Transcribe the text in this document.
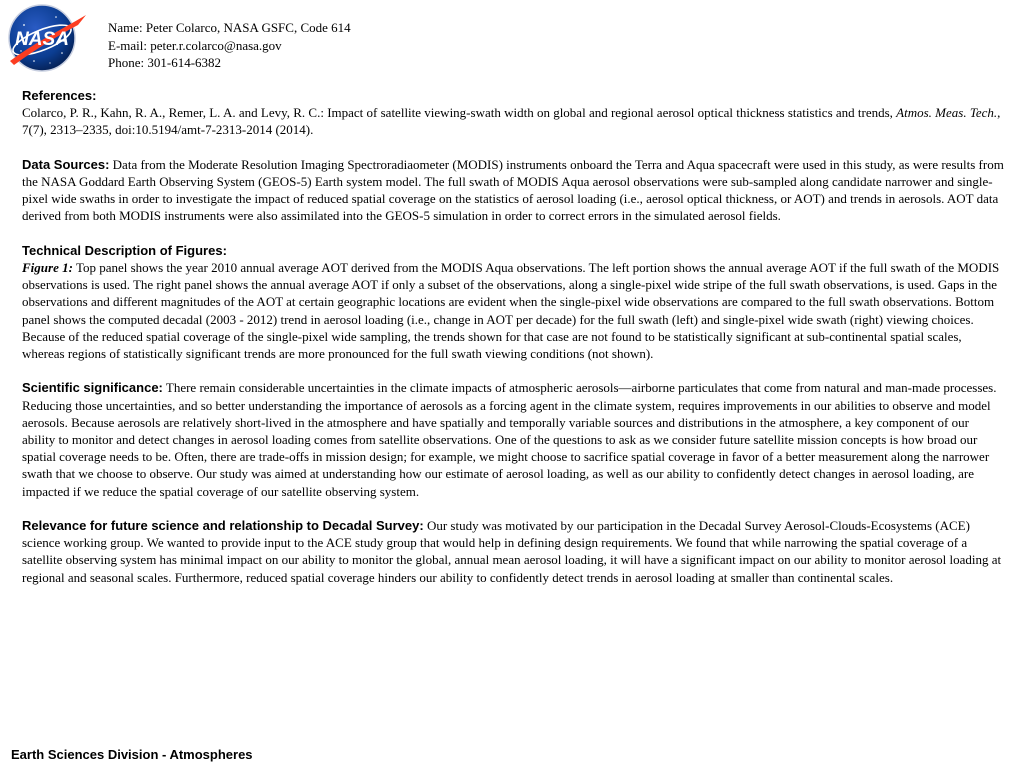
NASA
Name: Peter Colarco, NASA GSFC, Code 614
E-mail: peter.r.colarco@nasa.gov
Phone: 301-614-6382
References:
Colarco, P. R., Kahn, R. A., Remer, L. A. and Levy, R. C.: Impact of satellite viewing-swath width on global and regional aerosol optical thickness statistics and trends, Atmos. Meas. Tech., 7(7), 2313–2335, doi:10.5194/amt-7-2313-2014 (2014).
Data Sources: Data from the Moderate Resolution Imaging Spectroradiaometer (MODIS) instruments onboard the Terra and Aqua spacecraft were used in this study, as were results from the NASA Goddard Earth Observing System (GEOS-5) Earth system model. The full swath of MODIS Aqua aerosol observations were sub-sampled along candidate narrower and single-pixel wide swaths in order to investigate the impact of reduced spatial coverage on the statistics of aerosol loading (i.e., aerosol optical thickness, or AOT) and trends in aerosols. AOT data derived from both MODIS instruments were also assimilated into the GEOS-5 simulation in order to correct errors in the simulated aerosol fields.
Technical Description of Figures:
Figure 1: Top panel shows the year 2010 annual average AOT derived from the MODIS Aqua observations. The left portion shows the annual average AOT if the full swath of the MODIS observations is used. The right panel shows the annual average AOT if only a subset of the observations, along a single-pixel wide stripe of the full swath observations, is used. Gaps in the observations and different magnitudes of the AOT at certain geographic locations are evident when the single-pixel wide observations are compared to the full swath observations. Bottom panel shows the computed decadal (2003 - 2012) trend in aerosol loading (i.e., change in AOT per decade) for the full swath (left) and single-pixel wide swath (right) viewing choices. Because of the reduced spatial coverage of the single-pixel wide sampling, the trends shown for that case are not found to be statistically significant at sub-continental spatial scales, whereas regions of statistically significant trends are more pronounced for the full swath viewing conditions (not shown).
Scientific significance: There remain considerable uncertainties in the climate impacts of atmospheric aerosols—airborne particulates that come from natural and man-made processes. Reducing those uncertainties, and so better understanding the importance of aerosols as a forcing agent in the climate system, requires improvements in our abilities to observe and model aerosols. Because aerosols are relatively short-lived in the atmosphere and have spatially and temporally variable sources and distributions in the atmosphere, a key component of our ability to monitor and detect changes in aerosol loading comes from satellite observations. One of the questions to ask as we consider future satellite mission concepts is how broad our spatial coverage needs to be. Often, there are trade-offs in mission design; for example, we might choose to sacrifice spatial coverage in favor of a better measurement along the narrower swath that we choose to observe. Our study was aimed at understanding how our estimate of aerosol loading, as well as our ability to confidently detect changes in aerosol loading, are impacted if we reduce the spatial coverage of our satellite observing system.
Relevance for future science and relationship to Decadal Survey: Our study was motivated by our participation in the Decadal Survey Aerosol-Clouds-Ecosystems (ACE) science working group. We wanted to provide input to the ACE study group that would help in defining design requirements. We found that while narrowing the spatial coverage of a satellite observing system has minimal impact on our ability to monitor the global, annual mean aerosol loading, it will have a significant impact on our ability to monitor aerosol loading at regional and seasonal scales. Furthermore, reduced spatial coverage hinders our ability to confidently detect trends in aerosol loading at smaller than continental scales.
Earth Sciences Division - Atmospheres
